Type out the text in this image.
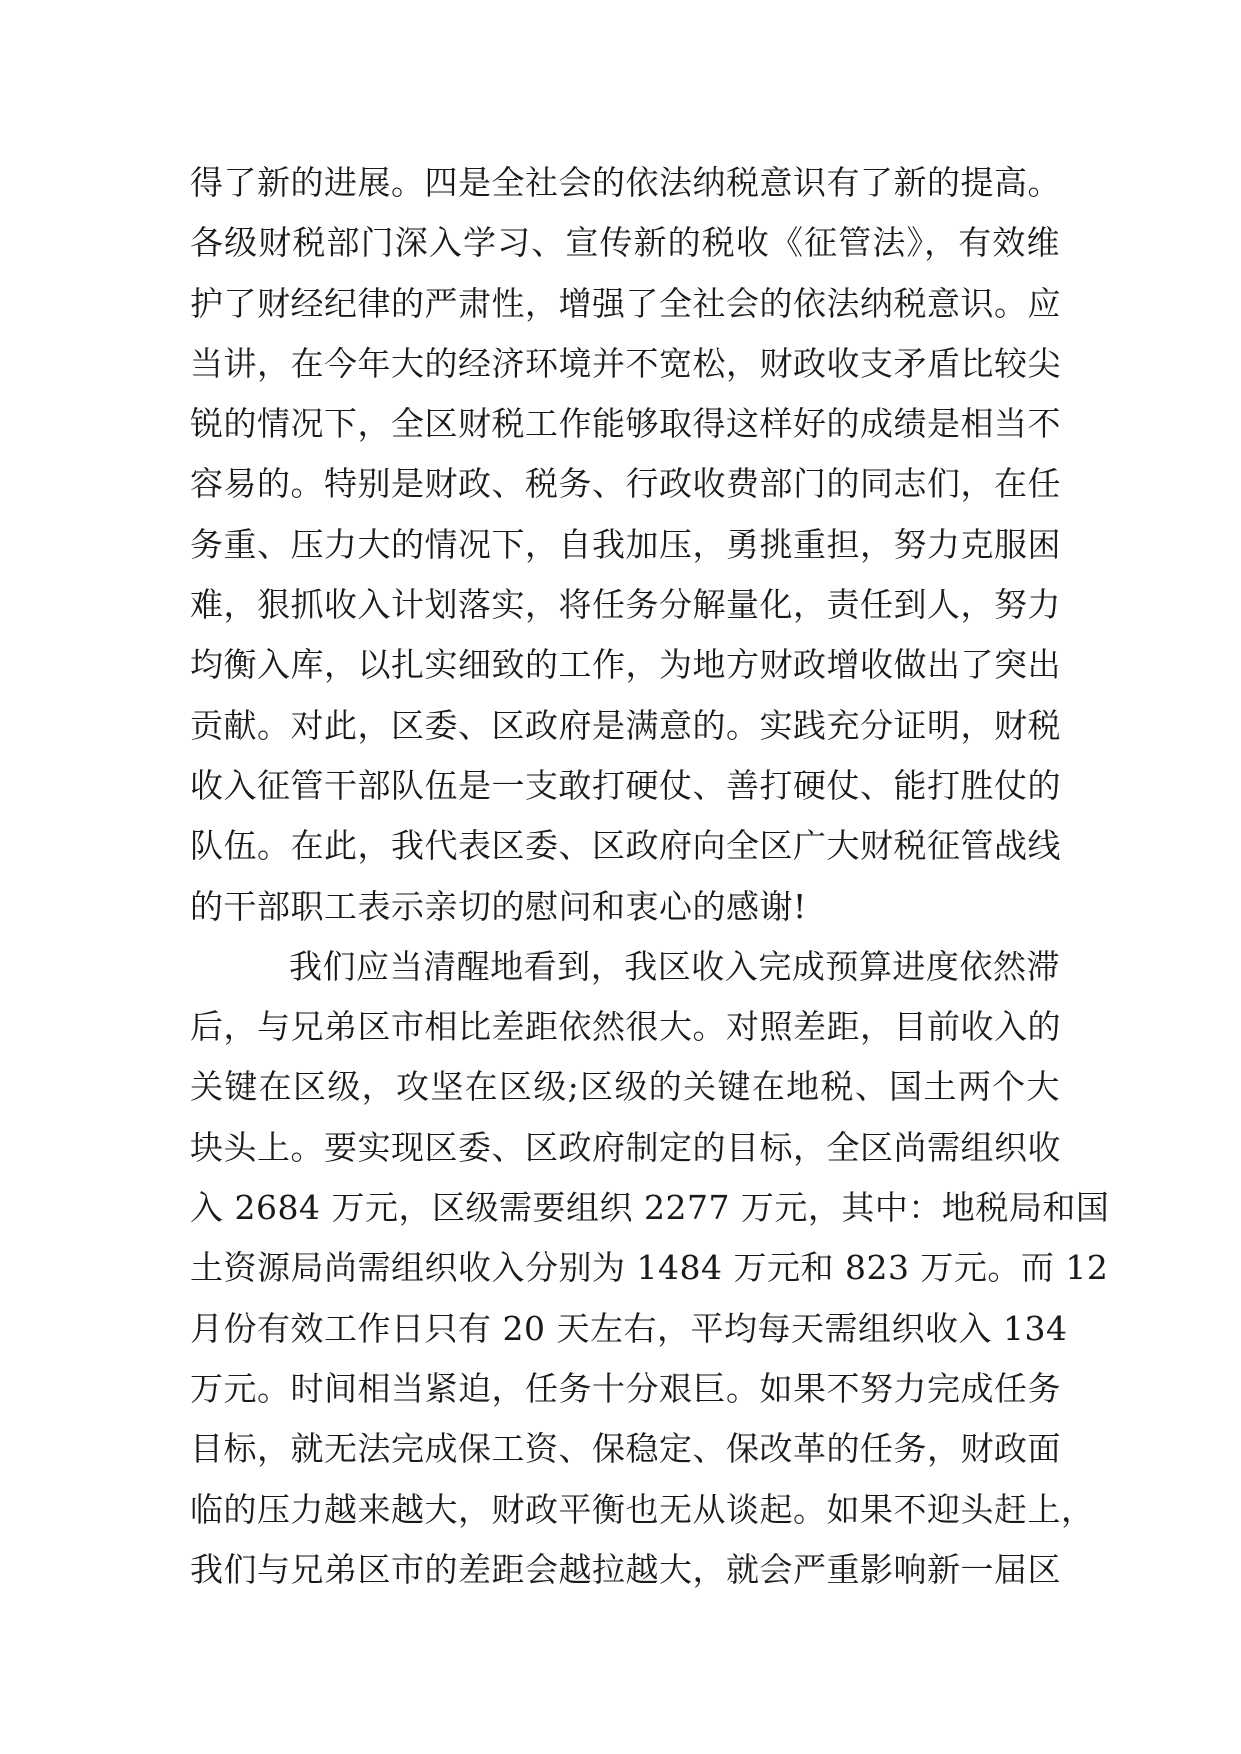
得了新的进展。四是全社会的依法纳税意识有了新的提高。
各级财税部门深入学习、宣传新的税收《征管法》，有效维
护了财经纪律的严肃性，增强了全社会的依法纳税意识。应
当讲，在今年大的经济环境并不宽松，财政收支矛盾比较尖
锐的情况下，全区财税工作能够取得这样好的成绩是相当不
容易的。特别是财政、税务、行政收费部门的同志们，在任
务重、压力大的情况下，自我加压，勇挑重担，努力克服困
难，狠抓收入计划落实，将任务分解量化，责任到人，努力
均衡入库，以扎实细致的工作，为地方财政增收做出了突出
贡献。对此，区委、区政府是满意的。实践充分证明，财税
收入征管干部队伍是一支敢打硬仗、善打硬仗、能打胜仗的
队伍。在此，我代表区委、区政府向全区广大财税征管战线
的干部职工表示亲切的慰问和衷心的感谢!
我们应当清醒地看到，我区收入完成预算进度依然滞
后，与兄弟区市相比差距依然很大。对照差距，目前收入的
关键在区级，攻坚在区级;区级的关键在地税、国土两个大
块头上。要实现区委、区政府制定的目标，全区尚需组织收
入 2684 万元，区级需要组织 2277 万元，其中：地税局和国
土资源局尚需组织收入分别为 1484 万元和 823 万元。而 12
月份有效工作日只有 20 天左右，平均每天需组织收入 134
万元。时间相当紧迫，任务十分艰巨。如果不努力完成任务
目标，就无法完成保工资、保稳定、保改革的任务，财政面
临的压力越来越大，财政平衡也无从谈起。如果不迎头赶上，
我们与兄弟区市的差距会越拉越大，就会严重影响新一届区
